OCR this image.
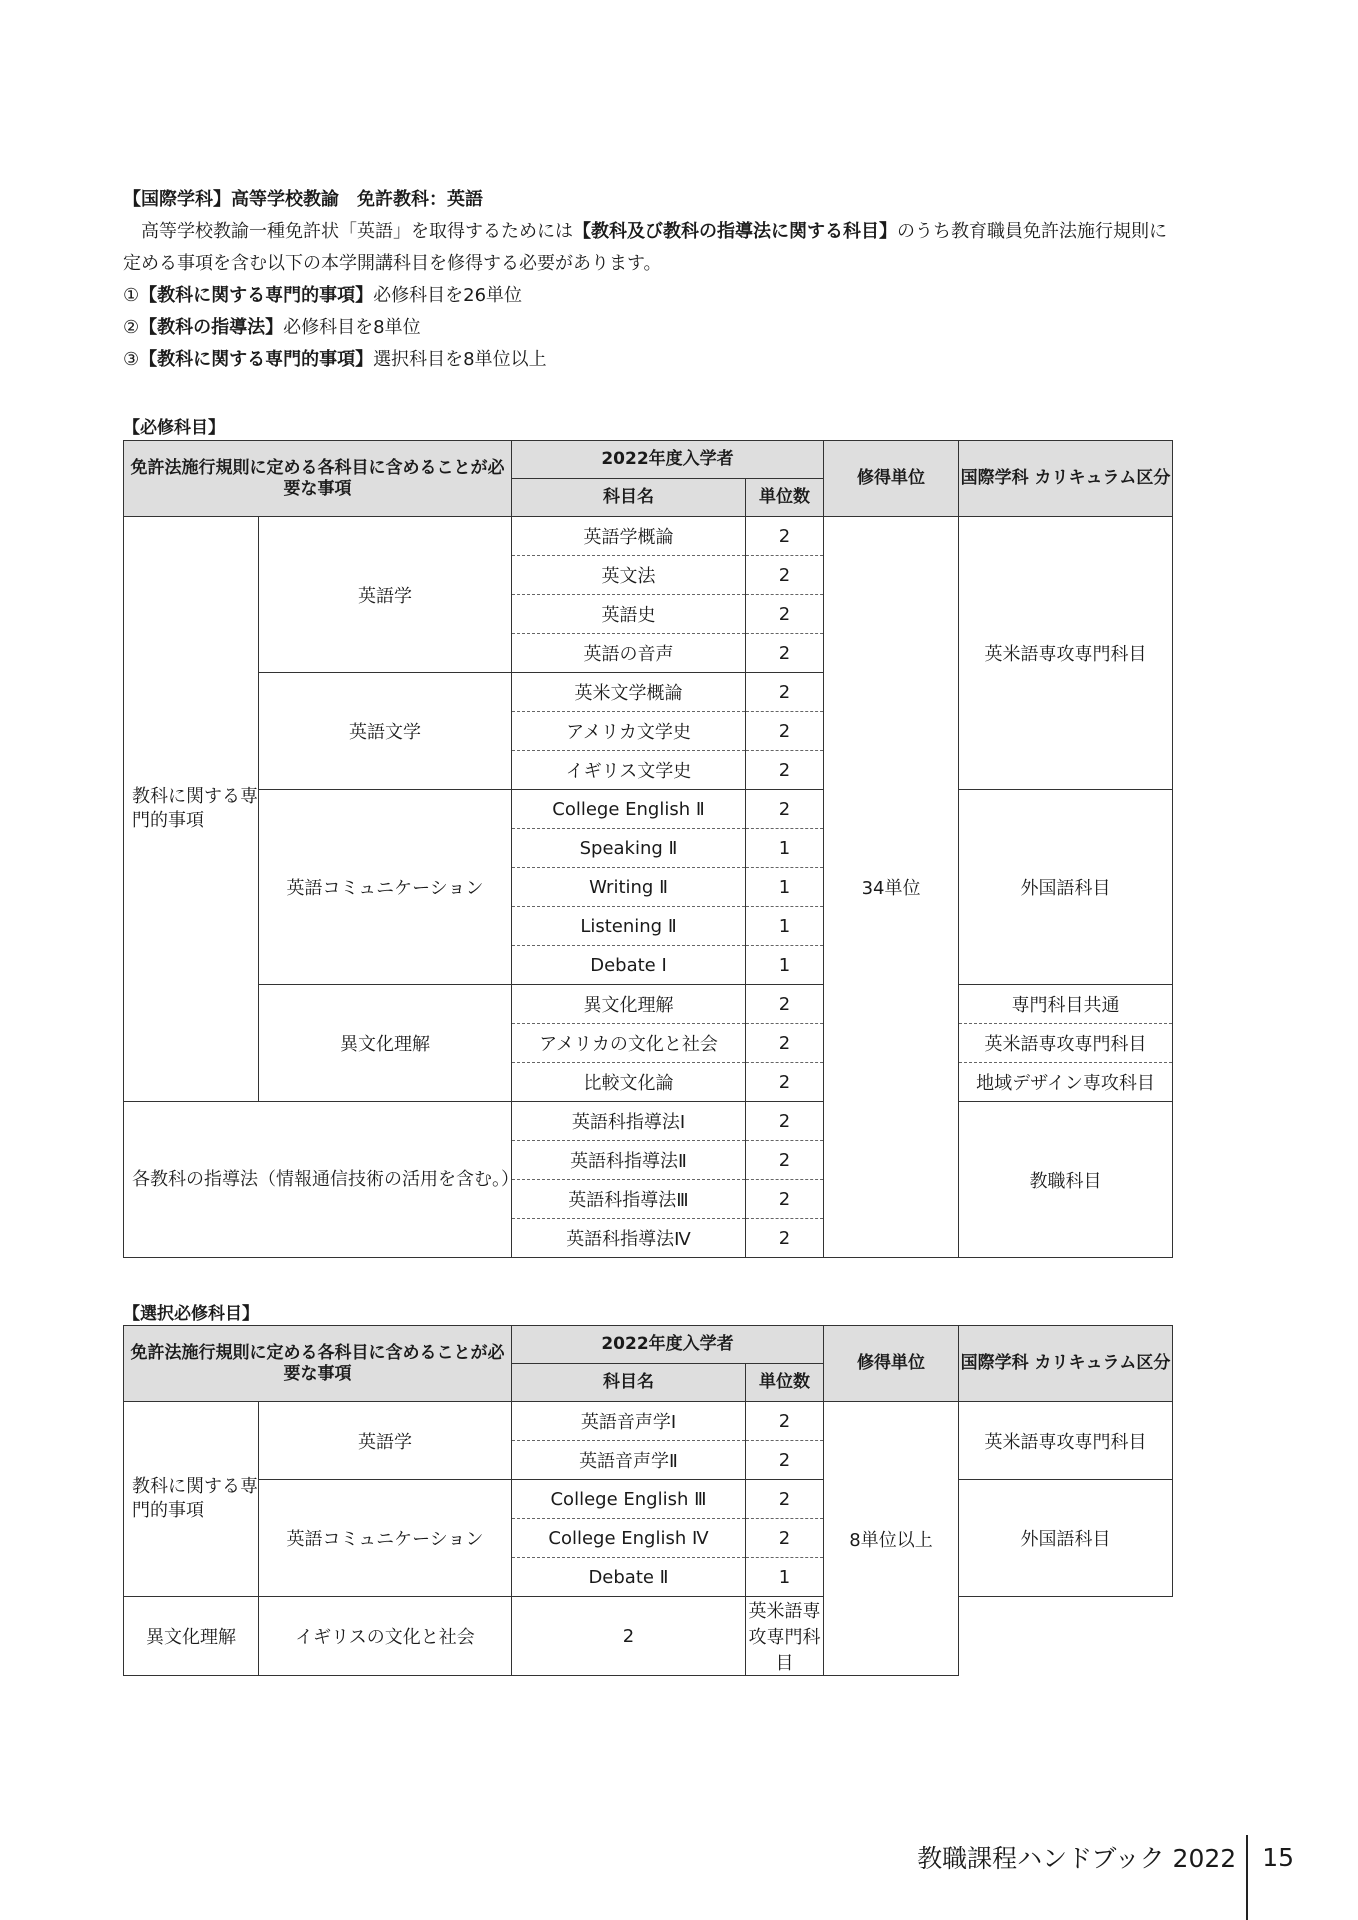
【国際学科】高等学校教諭　免許教科：英語

高等学校教諭一種免許状「英語」を取得するためには【教科及び教科の指導法に関する科目】のうち教育職員免許法施行規則に定める事項を含む以下の本学開講科目を修得する必要があります。

①【教科に関する専門的事項】必修科目を26単位

②【教科の指導法】必修科目を8単位

③【教科に関する専門的事項】選択科目を8単位以上

【必修科目】
免許法施行規則に定める各科目に含めることが必要な事項		2022年度入学者		修得単位	国際学科 カリキュラム区分
		科目名	単位数		
教科に関する専門的事項	英語学	英語学概論	2	34単位	英米語専攻専門科目
		英文法	2		
		英語史	2		
		英語の音声	2		
	英語文学	英米文学概論	2		
		アメリカ文学史	2		
		イギリス文学史	2		
	英語コミュニケーション	College English Ⅱ	2		外国語科目
		Speaking Ⅱ	1		
		Writing Ⅱ	1		
		Listening Ⅱ	1		
		Debate Ⅰ	1		
	異文化理解	異文化理解	2		専門科目共通
		アメリカの文化と社会	2		英米語専攻専門科目
		比較文化論	2		地域デザイン専攻科目
各教科の指導法（情報通信技術の活用を含む。）		英語科指導法Ⅰ	2		教職科目
		英語科指導法Ⅱ	2		
		英語科指導法Ⅲ	2		
		英語科指導法Ⅳ	2		
【選択必修科目】
免許法施行規則に定める各科目に含めることが必要な事項		2022年度入学者		修得単位	国際学科 カリキュラム区分
		科目名	単位数		
教科に関する専門的事項	英語学	英語音声学Ⅰ	2	8単位以上	英米語専攻専門科目
		英語音声学Ⅱ	2		
	英語コミュニケーション	College English Ⅲ	2		外国語科目
		College English Ⅳ	2		
		Debate Ⅱ	1		
異文化理解	イギリスの文化と社会	2	英米語専攻専門科目		
教職課程ハンドブック 2022 15
